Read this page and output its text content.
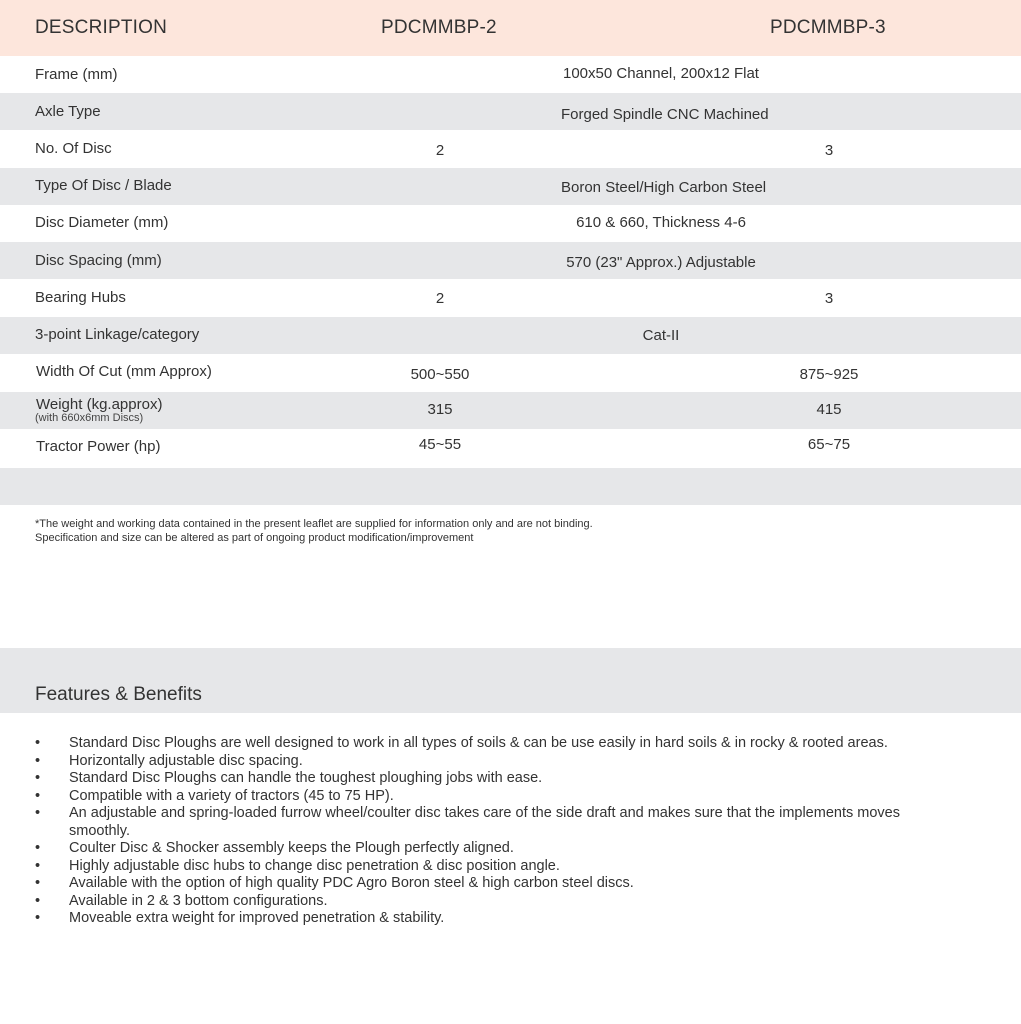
DESCRIPTION	PDCMMBP-2	PDCMMBP-3
Frame (mm)	100x50 Channel, 200x12 Flat
Axle Type	Forged Spindle CNC Machined
No. Of Disc	2	3
Type Of Disc / Blade	Boron Steel/High Carbon Steel
Disc Diameter (mm)	610 & 660, Thickness 4-6
Disc Spacing (mm)	570 (23" Approx.) Adjustable
Bearing Hubs	2	3
3-point Linkage/category	Cat-II
Width Of Cut (mm Approx)	500~550	875~925
Weight (kg.approx)
(with 660x6mm Discs)	315	415
Tractor Power (hp)	45~55	65~75
*The weight and working data contained in the present leaflet are supplied for information only and are not binding.
Specification and size can be altered as part of ongoing product modification/improvement
Features & Benefits
• Standard Disc Ploughs are well designed to work in all types of soils & can be use easily in hard soils & in rocky & rooted areas.
• Horizontally adjustable disc spacing.
• Standard Disc Ploughs can handle the toughest ploughing jobs with ease.
• Compatible with a variety of tractors (45 to 75 HP).
• An adjustable and spring-loaded furrow wheel/coulter disc takes care of the side draft and makes sure that the implements moves smoothly.
• Coulter Disc & Shocker assembly keeps the Plough perfectly aligned.
• Highly adjustable disc hubs to change disc penetration & disc position angle.
• Available with the option of high quality PDC Agro Boron steel & high carbon steel discs.
• Available in 2 & 3 bottom configurations.
• Moveable extra weight for improved penetration & stability.
